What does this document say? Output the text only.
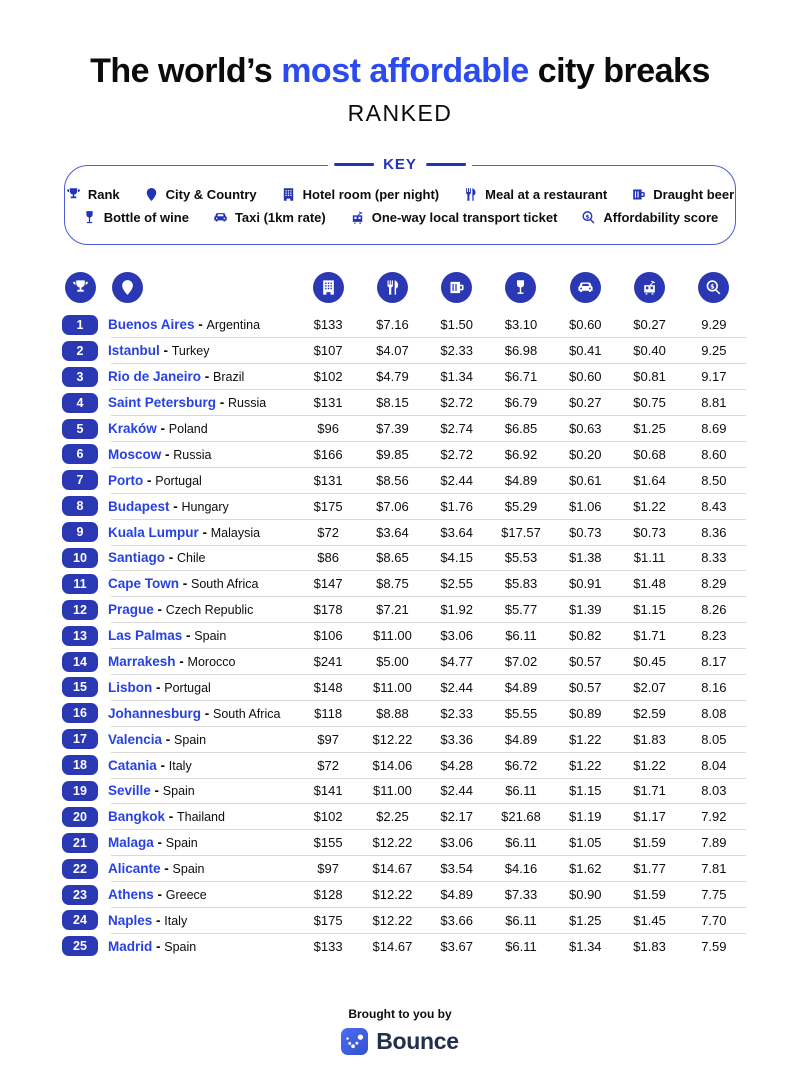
The world’s most affordable city breaks
RANKED
KEY
Rank	City & Country	Hotel room (per night)	Meal at a restaurant	Draught beer
Bottle of wine	Taxi (1km rate)	One-way local transport ticket	Affordability score
1	Buenos Aires - Argentina	$133	$7.16	$1.50	$3.10	$0.60	$0.27	9.29
2	Istanbul - Turkey	$107	$4.07	$2.33	$6.98	$0.41	$0.40	9.25
3	Rio de Janeiro - Brazil	$102	$4.79	$1.34	$6.71	$0.60	$0.81	9.17
4	Saint Petersburg - Russia	$131	$8.15	$2.72	$6.79	$0.27	$0.75	8.81
5	Kraków - Poland	$96	$7.39	$2.74	$6.85	$0.63	$1.25	8.69
6	Moscow - Russia	$166	$9.85	$2.72	$6.92	$0.20	$0.68	8.60
7	Porto - Portugal	$131	$8.56	$2.44	$4.89	$0.61	$1.64	8.50
8	Budapest - Hungary	$175	$7.06	$1.76	$5.29	$1.06	$1.22	8.43
9	Kuala Lumpur - Malaysia	$72	$3.64	$3.64	$17.57	$0.73	$0.73	8.36
10	Santiago - Chile	$86	$8.65	$4.15	$5.53	$1.38	$1.11	8.33
11	Cape Town - South Africa	$147	$8.75	$2.55	$5.83	$0.91	$1.48	8.29
12	Prague - Czech Republic	$178	$7.21	$1.92	$5.77	$1.39	$1.15	8.26
13	Las Palmas - Spain	$106	$11.00	$3.06	$6.11	$0.82	$1.71	8.23
14	Marrakesh - Morocco	$241	$5.00	$4.77	$7.02	$0.57	$0.45	8.17
15	Lisbon - Portugal	$148	$11.00	$2.44	$4.89	$0.57	$2.07	8.16
16	Johannesburg - South Africa	$118	$8.88	$2.33	$5.55	$0.89	$2.59	8.08
17	Valencia - Spain	$97	$12.22	$3.36	$4.89	$1.22	$1.83	8.05
18	Catania - Italy	$72	$14.06	$4.28	$6.72	$1.22	$1.22	8.04
19	Seville - Spain	$141	$11.00	$2.44	$6.11	$1.15	$1.71	8.03
20	Bangkok - Thailand	$102	$2.25	$2.17	$21.68	$1.19	$1.17	7.92
21	Malaga - Spain	$155	$12.22	$3.06	$6.11	$1.05	$1.59	7.89
22	Alicante - Spain	$97	$14.67	$3.54	$4.16	$1.62	$1.77	7.81
23	Athens - Greece	$128	$12.22	$4.89	$7.33	$0.90	$1.59	7.75
24	Naples - Italy	$175	$12.22	$3.66	$6.11	$1.25	$1.45	7.70
25	Madrid - Spain	$133	$14.67	$3.67	$6.11	$1.34	$1.83	7.59
Brought to you by
Bounce
